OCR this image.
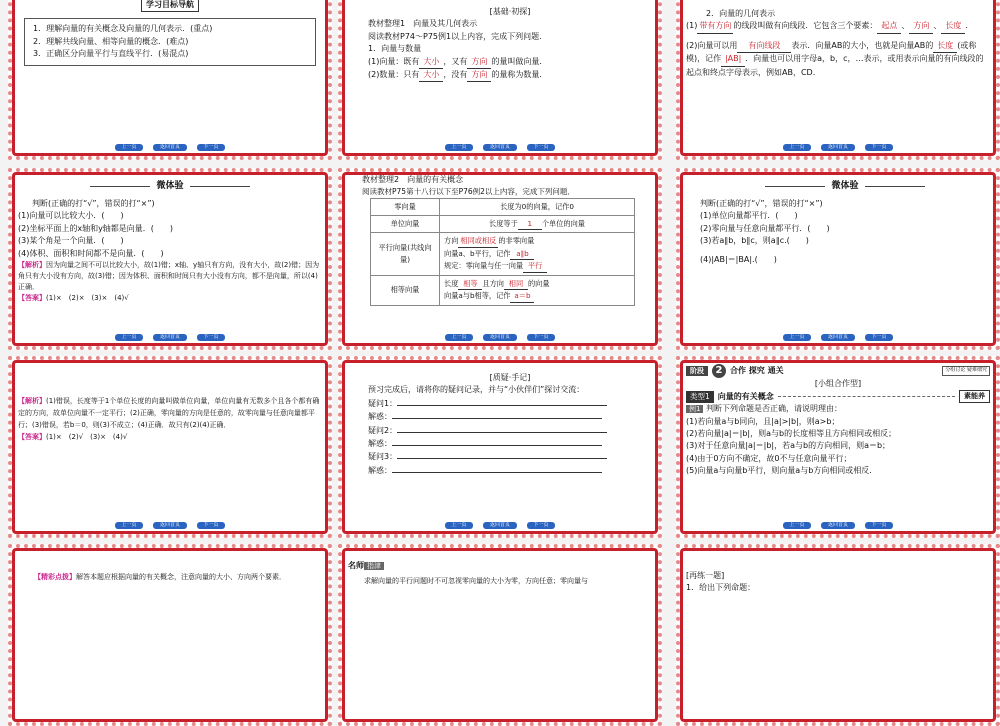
学习目标导航
1．理解向量的有关概念及向量的几何表示．(重点)
2．理解共线向量、相等向量的概念．(难点)
3．正确区分向量平行与直线平行．(易混点)
上一页	返回首页	下一页
[基础·初探]
教材整理1　向量及其几何表示
阅读教材P74～P75例1以上内容，完成下列问题．
1．向量与数量
(1)向量：既有 大小 ，又有 方向 的量叫做向量．
(2)数量：只有 大小 ，没有 方向 的量称为数量．
上一页	返回首页	下一页
2．向量的几何表示
(1) 带有方向 的线段叫做有向线段．它包含三个要素： 起点 、 方向 、 长度 ．
(2)向量可以用 有向线段 表示．向量AB的大小，也就是向量AB的 长度 (或称模)，记作 |AB| ．向量也可以用字母a，b，c，…表示，或用表示向量的有向线段的起点和终点字母表示，例如AB，CD.
上一页	返回首页	下一页
微体验
判断(正确的打“√”，错误的打“×”)
(1)向量可以比较大小．(　　)
(2)坐标平面上的x轴和y轴都是向量．(　　)
(3)某个角是一个向量．(　　)
(4)体积、面积和时间都不是向量．(　　)
【解析】因为向量之间不可以比较大小，故(1)错；x轴、y轴只有方向，没有大小，故(2)错；因为角只有大小没有方向，故(3)错；因为体积、面积和时间只有大小没有方向，都不是向量，所以(4)正确．
【答案】(1)×　(2)×　(3)×　(4)√
上一页	返回首页	下一页
教材整理2　向量的有关概念
阅读教材P75第十八行以下至P76例2以上内容，完成下列问题．
零向量	长度为0的向量，记作0
单位向量	长度等于 1 个单位的向量
平行向量(共线向量)	方向 相同或相反 的非零向量
向量a、b平行，记作 a∥b
规定：零向量与任一向量 平行
相等向量	长度 相等 且方向 相同 的向量
向量a与b相等，记作 a＝b
上一页	返回首页	下一页
微体验
判断(正确的打“√”，错误的打“×”)
(1)单位向量都平行．(　　)
(2)零向量与任意向量都平行．(　　)
(3)若a∥b，b∥c，则a∥c.(　　)
(4)|AB|＝|BA|.(　　)
上一页	返回首页	下一页
【解析】(1)错误，长度等于1个单位长度的向量叫做单位向量，单位向量有无数多个且各个都有确定的方向，故单位向量不一定平行；(2)正确，零向量的方向是任意的，故零向量与任意向量都平行；(3)错误，若b＝0，则(3)不成立；(4)正确．故只有(2)(4)正确．
【答案】(1)×　(2)√　(3)×　(4)√
上一页	返回首页	下一页
[质疑·手记]
预习完成后，请将你的疑问记录，并与“小伙伴们”探讨交流：
疑问1：
解惑：
疑问2：
解惑：
疑问3：
解惑：
上一页	返回首页	下一页
阶段	2 合作 探究 通关	分组讨论 疑难细究
[小组合作型]
类型1	向量的有关概念	素能养
例1 判断下列命题是否正确，请说明理由：
(1)若向量a与b同向，且|a|>|b|，则a>b；
(2)若向量|a|＝|b|，则a与b的长度相等且方向相同或相反；
(3)对于任意向量|a|＝|b|，若a与b的方向相同，则a＝b；
(4)由于0方向不确定，故0不与任意向量平行；
(5)向量a与向量b平行，则向量a与b方向相同或相反．
上一页	返回首页	下一页
【精彩点拨】解答本题应根据向量的有关概念，注意向量的大小、方向两个要素．
名师 指津
求解向量的平行问题时不可忽视零向量的大小为零，方向任意；零向量与
[再练一题]
1．给出下列命题：
